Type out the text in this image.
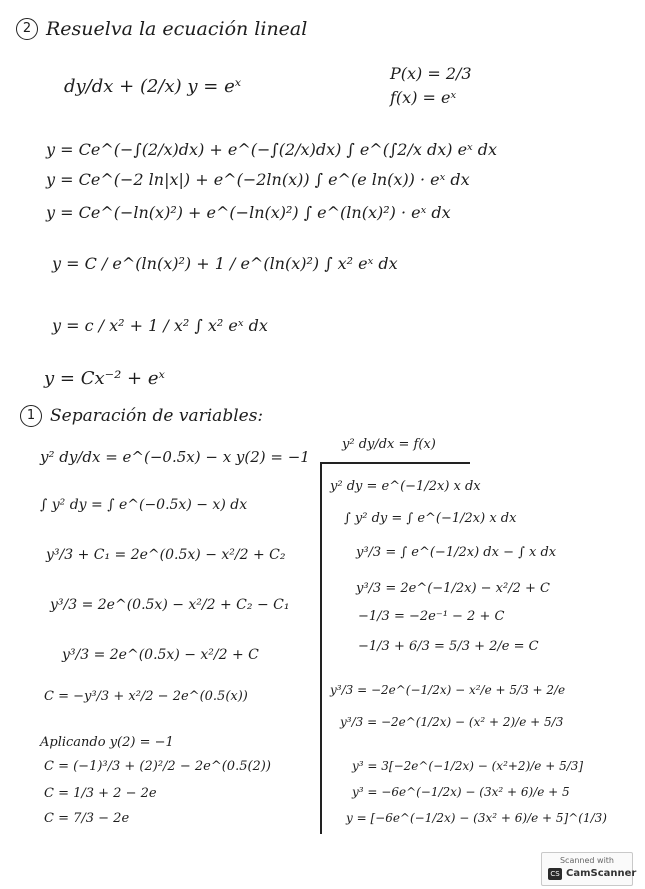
2 Resuelva la ecuación lineal
dy/dx + (2/x) y = eˣ
P(x) = 2/3
f(x) = eˣ
y = Ce^(−∫(2/x)dx) + e^(−∫(2/x)dx) ∫ e^(∫2/x dx) eˣ dx
y = Ce^(−2 ln|x|) + e^(−2ln(x)) ∫ e^(e ln(x)) · eˣ dx
y = Ce^(−ln(x)²) + e^(−ln(x)²) ∫ e^(ln(x)²) · eˣ dx
y = C / e^(ln(x)²) + 1 / e^(ln(x)²) ∫ x² eˣ dx
y = c / x² + 1 / x² ∫ x² eˣ dx
y = Cx⁻² + eˣ
1 Separación de variables:
y² dy/dx = e^(−0.5x) − x y(2) = −1
∫ y² dy = ∫ e^(−0.5x) − x) dx
y³/3 + C₁ = 2e^(0.5x) − x²/2 + C₂
y³/3 = 2e^(0.5x) − x²/2 + C₂ − C₁
y³/3 = 2e^(0.5x) − x²/2 + C
C = −y³/3 + x²/2 − 2e^(0.5(x))
Aplicando y(2) = −1
C = (−1)³/3 + (2)²/2 − 2e^(0.5(2))
C = 1/3 + 2 − 2e
C = 7/3 − 2e
y² dy/dx = f(x)
y² dy = e^(−1/2x) x dx
∫ y² dy = ∫ e^(−1/2x) x dx
y³/3 = ∫ e^(−1/2x) dx − ∫ x dx
y³/3 = 2e^(−1/2x) − x²/2 + C
−1/3 = −2e⁻¹ − 2 + C
−1/3 + 6/3 = 5/3 + 2/e = C
y³/3 = −2e^(−1/2x) − x²/e + 5/3 + 2/e
y³/3 = −2e^(1/2x) − (x² + 2)/e + 5/3
y³ = 3[−2e^(−1/2x) − (x²+2)/e + 5/3]
y³ = −6e^(−1/2x) − (3x² + 6)/e + 5
y = [−6e^(−1/2x) − (3x² + 6)/e + 5]^(1/3)
Scanned with
CS CamScanner
